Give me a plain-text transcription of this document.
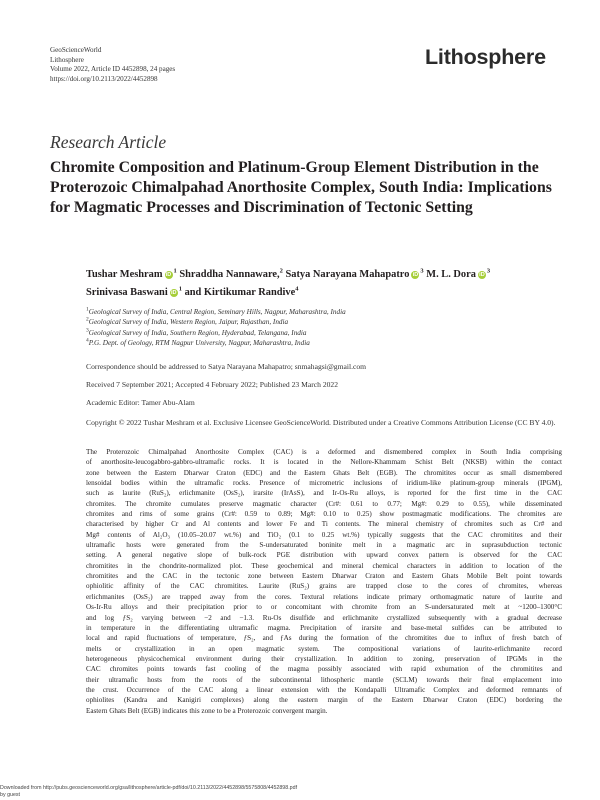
GeoScienceWorld
Lithosphere
Volume 2022, Article ID 4452898, 24 pages
https://doi.org/10.2113/2022/4452898
Lithosphere
Research Article
Chromite Composition and Platinum-Group Element Distribution in the Proterozoic Chimalpahad Anorthosite Complex, South India: Implications for Magmatic Processes and Discrimination of Tectonic Setting
Tushar Meshram $iD^1$ Shraddha Nannaware,$^2$ Satya Narayana Mahapatro $iD^3$ M. L. Dora $iD^3$
Srinivasa Baswani $iD^1$ and Kirtikumar Randive$^4$
$^1$Geological Survey of India, Central Region, Seminary Hills, Nagpur, Maharashtra, India
$^2$Geological Survey of India, Western Region, Jaipur, Rajasthan, India
$^3$Geological Survey of India, Southern Region, Hyderabad, Telangana, India
$^4$P.G. Dept. of Geology, RTM Nagpur University, Nagpur, Maharashtra, India
Correspondence should be addressed to Satya Narayana Mahapatro; snmahagsi@gmail.com
Received 7 September 2021; Accepted 4 February 2022; Published 23 March 2022
Academic Editor: Tamer Abu-Alam
Copyright © 2022 Tushar Meshram et al. Exclusive Licensee GeoScienceWorld. Distributed under a Creative Commons Attribution License (CC BY 4.0).
The Proterozoic Chimalpahad Anorthosite Complex (CAC) is a deformed and dismembered complex in South India comprising
of anorthosite-leucogabbro-gabbro-ultramafic rocks. It is located in the Nellore-Khammam Schist Belt (NKSB) within the contact
zone between the Eastern Dharwar Craton (EDC) and the Eastern Ghats Belt (EGB). The chromitites occur as small dismembered
lensoidal bodies within the ultramafic rocks. Presence of micrometric inclusions of iridium-like platinum-group minerals (IPGM),
such as laurite (RuS₂), erlichmanite (OsS₂), irarsite (IrAsS), and Ir-Os-Ru alloys, is reported for the first time in the CAC
chromites. The chromite cumulates preserve magmatic character (Cr#: 0.61 to 0.77; Mg#: 0.29 to 0.55), while disseminated
chromites and rims of some grains (Cr#: 0.59 to 0.89; Mg#: 0.10 to 0.25) show postmagmatic modifications. The chromites are
characterised by higher Cr and Al contents and lower Fe and Ti contents. The mineral chemistry of chromites such as Cr# and
Mg# contents of Al₂O₃ (10.05–20.07 wt.%) and TiO₂ (0.1 to 0.25 wt.%) typically suggests that the CAC chromitites and their
ultramafic hosts were generated from the S-undersaturated boninite melt in a magmatic arc in suprasubduction tectonic
setting. A general negative slope of bulk-rock PGE distribution with upward convex pattern is observed for the CAC
chromitites in the chondrite-normalized plot. These geochemical and mineral chemical characters in addition to location of the
chromitites and the CAC in the tectonic zone between Eastern Dharwar Craton and Eastern Ghats Mobile Belt point towards
ophiolitic affinity of the CAC chromitites. Laurite (RuS₂) grains are trapped close to the cores of chromites, whereas
erlichmanites (OsS₂) are trapped away from the cores. Textural relations indicate primary orthomagmatic nature of laurite and
Os-Ir-Ru alloys and their precipitation prior to or concomitant with chromite from an S-undersaturated melt at ~1200–1300°C
and log ƒS₂ varying between −2 and −1.3. Ru-Os disulfide and erlichmanite crystallized subsequently with a gradual decrease
in temperature in the differentiating ultramafic magma. Precipitation of irarsite and base-metal sulfides can be attributed to
local and rapid fluctuations of temperature, ƒS₂, and ƒAs during the formation of the chromitites due to influx of fresh batch of
melts or crystallization in an open magmatic system. The compositional variations of laurite-erlichmanite record
heterogeneous physicochemical environment during their crystallization. In addition to zoning, preservation of IPGMs in the
CAC chromites points towards fast cooling of the magma possibly associated with rapid exhumation of the chromitites and
their ultramafic hosts from the roots of the subcontinental lithospheric mantle (SCLM) towards their final emplacement into
the crust. Occurrence of the CAC along a linear extension with the Kondapalli Ultramafic Complex and deformed remnants of
ophiolites (Kandra and Kanigiri complexes) along the eastern margin of the Eastern Dharwar Craton (EDC) bordering the
Eastern Ghats Belt (EGB) indicates this zone to be a Proterozoic convergent margin.
Downloaded from http://pubs.geoscienceworld.org/gsa/lithosphere/article-pdf/doi/10.2113/2022/4452898/5575808/4452898.pdf
by guest
